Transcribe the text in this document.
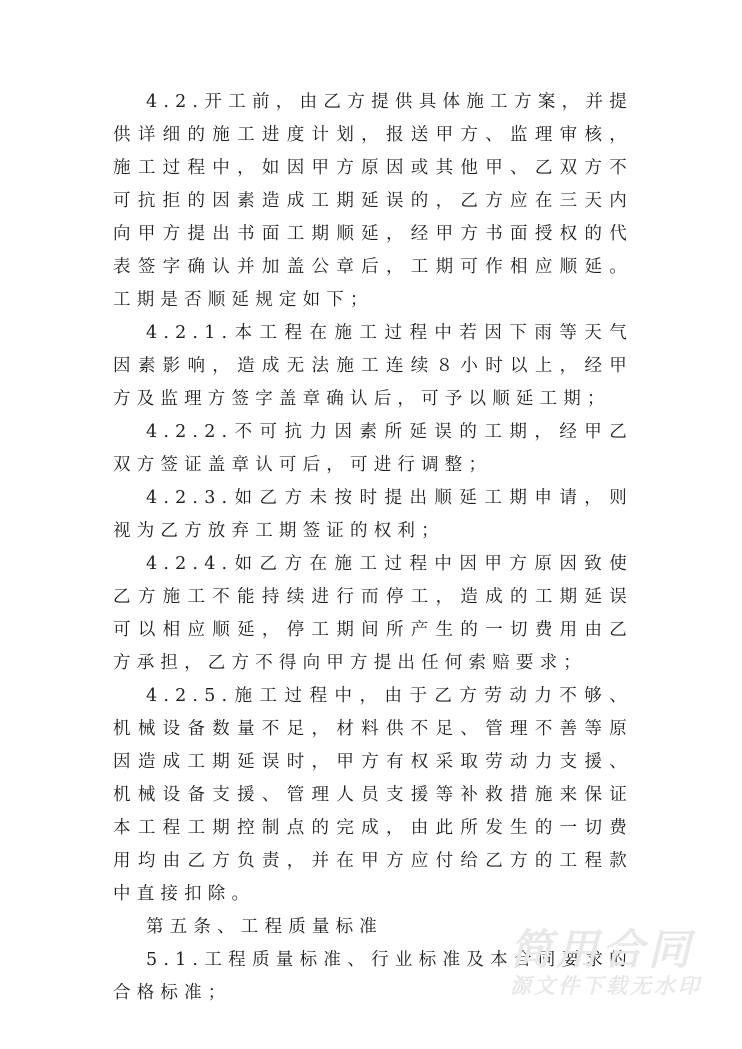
4.2.开工前，由乙方提供具体施工方案，并提供详细的施工进度计划，报送甲方、监理审核，施工过程中，如因甲方原因或其他甲、乙双方不可抗拒的因素造成工期延误的，乙方应在三天内向甲方提出书面工期顺延，经甲方书面授权的代表签字确认并加盖公章后，工期可作相应顺延。工期是否顺延规定如下；

4.2.1.本工程在施工过程中若因下雨等天气因素影响，造成无法施工连续８小时以上，经甲方及监理方签字盖章确认后，可予以顺延工期；

4.2.2.不可抗力因素所延误的工期，经甲乙双方签证盖章认可后，可进行调整；

4.2.3.如乙方未按时提出顺延工期申请，则视为乙方放弃工期签证的权利；

4.2.4.如乙方在施工过程中因甲方原因致使乙方施工不能持续进行而停工，造成的工期延误可以相应顺延，停工期间所产生的一切费用由乙方承担，乙方不得向甲方提出任何索赔要求；

4.2.5.施工过程中，由于乙方劳动力不够、机械设备数量不足，材料供不足、管理不善等原因造成工期延误时，甲方有权采取劳动力支援、机械设备支援、管理人员支援等补救措施来保证本工程工期控制点的完成，由此所发生的一切费用均由乙方负责，并在甲方应付给乙方的工程款中直接扣除。

第五条、工程质量标准

5.1.工程质量标准、行业标准及本合同要求的合格标准；

简用合同
源文件下载无水印
